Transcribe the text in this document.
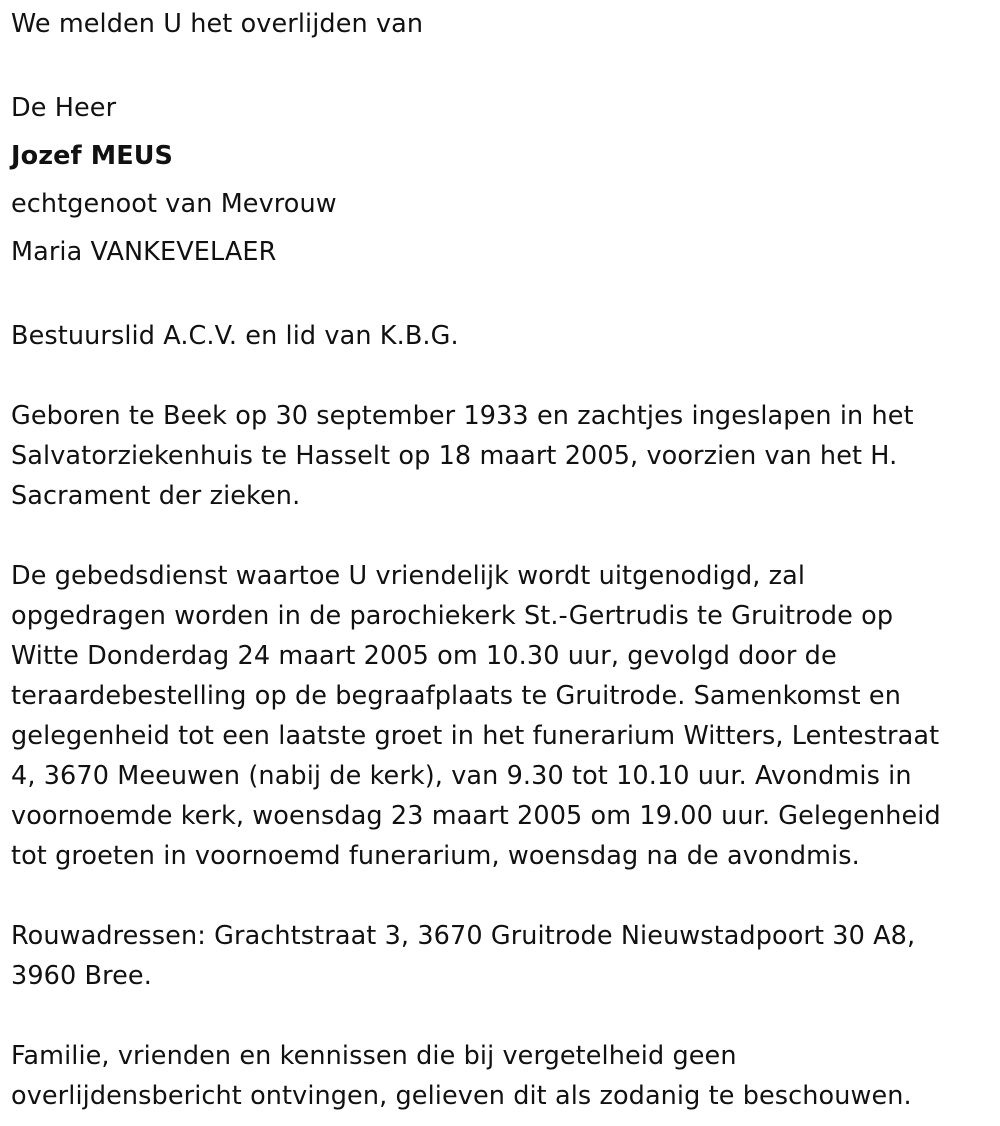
We melden U het overlijden van

De Heer

Jozef MEUS

echtgenoot van Mevrouw

Maria VANKEVELAER

Bestuurslid A.C.V. en lid van K.B.G.

Geboren te Beek op 30 september 1933 en zachtjes ingeslapen in het

Salvatorziekenhuis te Hasselt op 18 maart 2005, voorzien van het H.

Sacrament der zieken.

De gebedsdienst waartoe U vriendelijk wordt uitgenodigd, zal

opgedragen worden in de parochiekerk St.-Gertrudis te Gruitrode op

Witte Donderdag 24 maart 2005 om 10.30 uur, gevolgd door de

teraardebestelling op de begraafplaats te Gruitrode. Samenkomst en

gelegenheid tot een laatste groet in het funerarium Witters, Lentestraat

4, 3670 Meeuwen (nabij de kerk), van 9.30 tot 10.10 uur. Avondmis in

voornoemde kerk, woensdag 23 maart 2005 om 19.00 uur. Gelegenheid

tot groeten in voornoemd funerarium, woensdag na de avondmis.

Rouwadressen: Grachtstraat 3, 3670 Gruitrode Nieuwstadpoort 30 A8,

3960 Bree.

Familie, vrienden en kennissen die bij vergetelheid geen

overlijdensbericht ontvingen, gelieven dit als zodanig te beschouwen.
